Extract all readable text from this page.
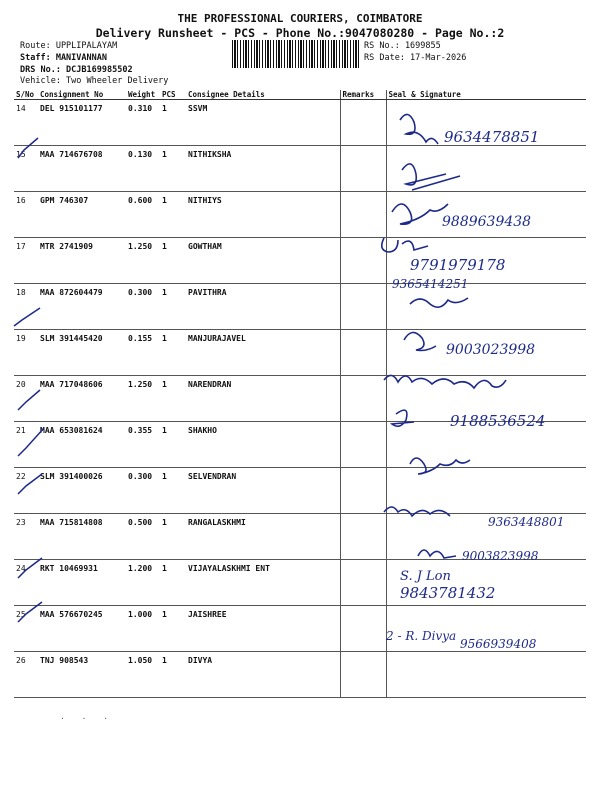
THE PROFESSIONAL COURIERS, COIMBATORE
Delivery Runsheet - PCS - Phone No.:9047080280 - Page No.:2
Route: UPPLIPALAYAM
Staff: MANIVANNAN
DRS No.: DCJB169985502
Vehicle: Two Wheeler Delivery
RS No.: 1699855
RS Date: 17-Mar-2026
S/No	Consignment No	Weight	PCS	Consignee Details	Remarks	Seal & Signature
14	DEL 915101177	0.310	1	SSVM		
15	MAA 714676708	0.130	1	NITHIKSHA		
16	GPM 746307	0.600	1	NITHIYS		
17	MTR 2741909	1.250	1	GOWTHAM		
18	MAA 872604479	0.300	1	PAVITHRA		
19	SLM 391445420	0.155	1	MANJURAJAVEL		
20	MAA 717048606	1.250	1	NARENDRAN		
21	MAA 653081624	0.355	1	SHAKHO		
22	SLM 391400026	0.300	1	SELVENDRAN		
23	MAA 715814808	0.500	1	RANGALASKHMI		
24	RKT 10469931	1.200	1	VIJAYALASKHMI ENT		
25	MAA 576670245	1.000	1	JAISHREE		
26	TNJ 908543	1.050	1	DIVYA		
9634478851
9889639438
9791979178
9365414251
9003023998
9188536524
9363448801
9003823998
S. J Lon
9843781432
2 - R. Divya
9566939408
· · ·
